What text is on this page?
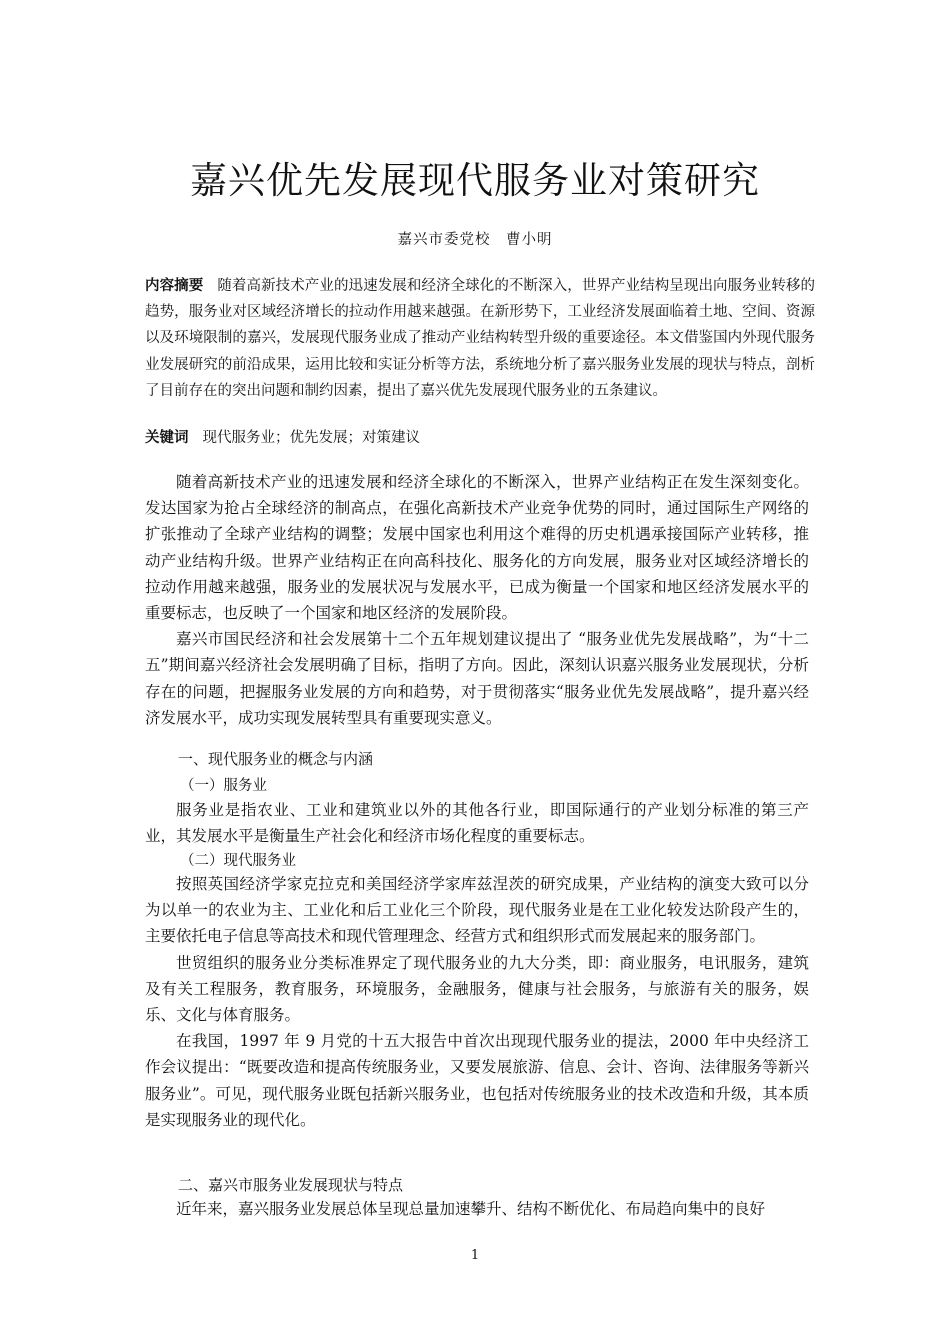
嘉兴优先发展现代服务业对策研究
嘉兴市委党校　曹小明
内容摘要 随着高新技术产业的迅速发展和经济全球化的不断深入，世界产业结构呈现出向服务业转移的趋势，服务业对区域经济增长的拉动作用越来越强。在新形势下，工业经济发展面临着土地、空间、资源以及环境限制的嘉兴，发展现代服务业成了推动产业结构转型升级的重要途径。本文借鉴国内外现代服务业发展研究的前沿成果，运用比较和实证分析等方法，系统地分析了嘉兴服务业发展的现状与特点，剖析了目前存在的突出问题和制约因素，提出了嘉兴优先发展现代服务业的五条建议。
关键词 现代服务业；优先发展；对策建议

随着高新技术产业的迅速发展和经济全球化的不断深入，世界产业结构正在发生深刻变化。发达国家为抢占全球经济的制高点，在强化高新技术产业竞争优势的同时，通过国际生产网络的扩张推动了全球产业结构的调整；发展中国家也利用这个难得的历史机遇承接国际产业转移，推动产业结构升级。世界产业结构正在向高科技化、服务化的方向发展，服务业对区域经济增长的拉动作用越来越强，服务业的发展状况与发展水平，已成为衡量一个国家和地区经济发展水平的重要标志，也反映了一个国家和地区经济的发展阶段。

嘉兴市国民经济和社会发展第十二个五年规划建议提出了 “服务业优先发展战略”，为“十二五”期间嘉兴经济社会发展明确了目标，指明了方向。因此，深刻认识嘉兴服务业发展现状，分析存在的问题，把握服务业发展的方向和趋势，对于贯彻落实“服务业优先发展战略”，提升嘉兴经济发展水平，成功实现发展转型具有重要现实意义。

一、现代服务业的概念与内涵
（一）服务业

服务业是指农业、工业和建筑业以外的其他各行业，即国际通行的产业划分标准的第三产业，其发展水平是衡量生产社会化和经济市场化程度的重要标志。

（二）现代服务业

按照英国经济学家克拉克和美国经济学家库兹涅茨的研究成果，产业结构的演变大致可以分为以单一的农业为主、工业化和后工业化三个阶段，现代服务业是在工业化较发达阶段产生的，主要依托电子信息等高技术和现代管理理念、经营方式和组织形式而发展起来的服务部门。

世贸组织的服务业分类标准界定了现代服务业的九大分类，即：商业服务，电讯服务，建筑及有关工程服务，教育服务，环境服务，金融服务，健康与社会服务，与旅游有关的服务，娱乐、文化与体育服务。

在我国，1997 年 9 月党的十五大报告中首次出现现代服务业的提法，2000 年中央经济工作会议提出：“既要改造和提高传统服务业，又要发展旅游、信息、会计、咨询、法律服务等新兴服务业”。可见，现代服务业既包括新兴服务业，也包括对传统服务业的技术改造和升级，其本质是实现服务业的现代化。

二、嘉兴市服务业发展现状与特点

近年来，嘉兴服务业发展总体呈现总量加速攀升、结构不断优化、布局趋向集中的良好

1
